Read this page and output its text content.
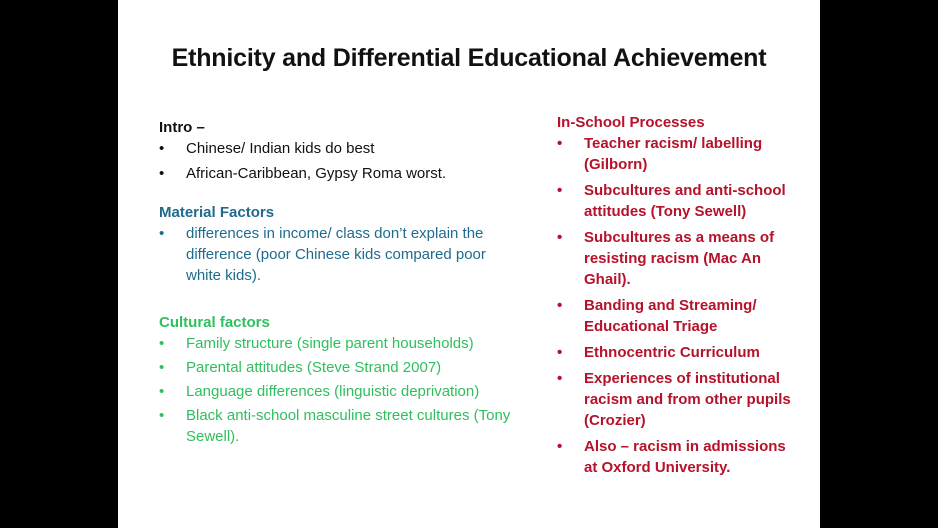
Ethnicity and Differential Educational Achievement

Intro –

• Chinese/ Indian kids do best
• African-Caribbean, Gypsy Roma worst.

Material Factors

• differences in income/ class don’t explain the difference (poor Chinese kids compared poor white kids).

Cultural factors

• Family structure (single parent households)
• Parental attitudes (Steve Strand 2007)
• Language differences (linguistic deprivation)
• Black anti-school masculine street cultures (Tony Sewell).

In-School Processes

• Teacher racism/ labelling (Gilborn)
• Subcultures and anti-school attitudes (Tony Sewell)
• Subcultures as a means of resisting racism (Mac An Ghail).
• Banding and Streaming/ Educational Triage
• Ethnocentric Curriculum
• Experiences of institutional racism and from other pupils (Crozier)
• Also – racism in admissions at Oxford University.
